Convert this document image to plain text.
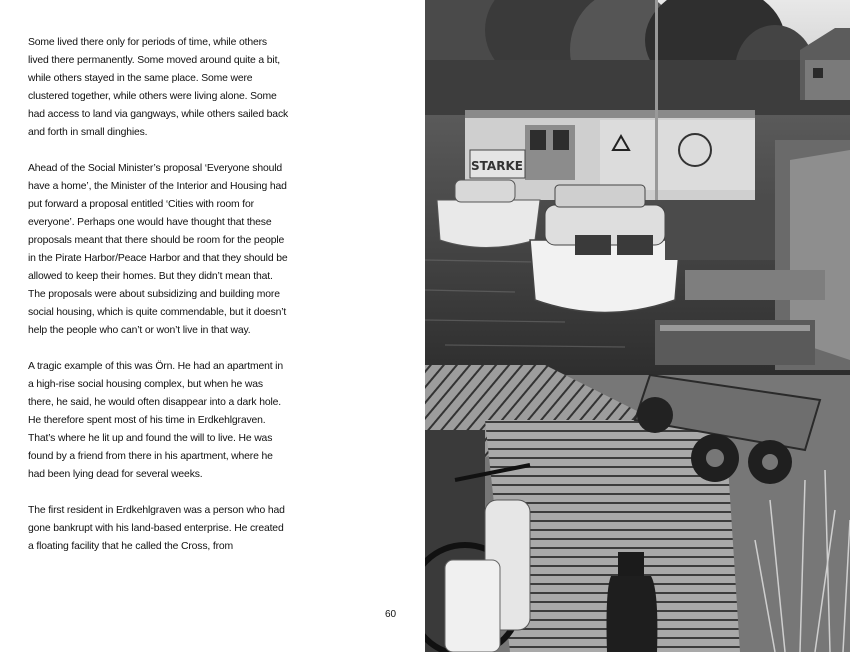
Some lived there only for periods of time, while others lived there permanently. Some moved around quite a bit, while others stayed in the same place. Some were clustered together, while others were living alone. Some had access to land via gangways, while others sailed back and forth in small dinghies.

Ahead of the Social Minister’s proposal ‘Everyone should have a home’, the Minister of the Interior and Housing had put forward a proposal entitled ‘Cities with room for everyone’. Perhaps one would have thought that these proposals meant that there should be room for the people in the Pirate Harbor/Peace Harbor and that they should be allowed to keep their homes. But they didn’t mean that. The proposals were about subsidizing and building more social housing, which is quite commendable, but it doesn’t help the people who can’t or won’t live in that way.

A tragic example of this was Örn. He had an apartment in a high-rise social housing complex, but when he was there, he said, he would often disappear into a dark hole. He therefore spent most of his time in Erdkehlgraven. That’s where he lit up and found the will to live. He was found by a friend from there in his apartment, where he had been lying dead for several weeks.

The first resident in Erdkehlgraven was a person who had gone bankrupt with his land-based enterprise. He created a floating facility that he called the Cross, from

60
STARKE
